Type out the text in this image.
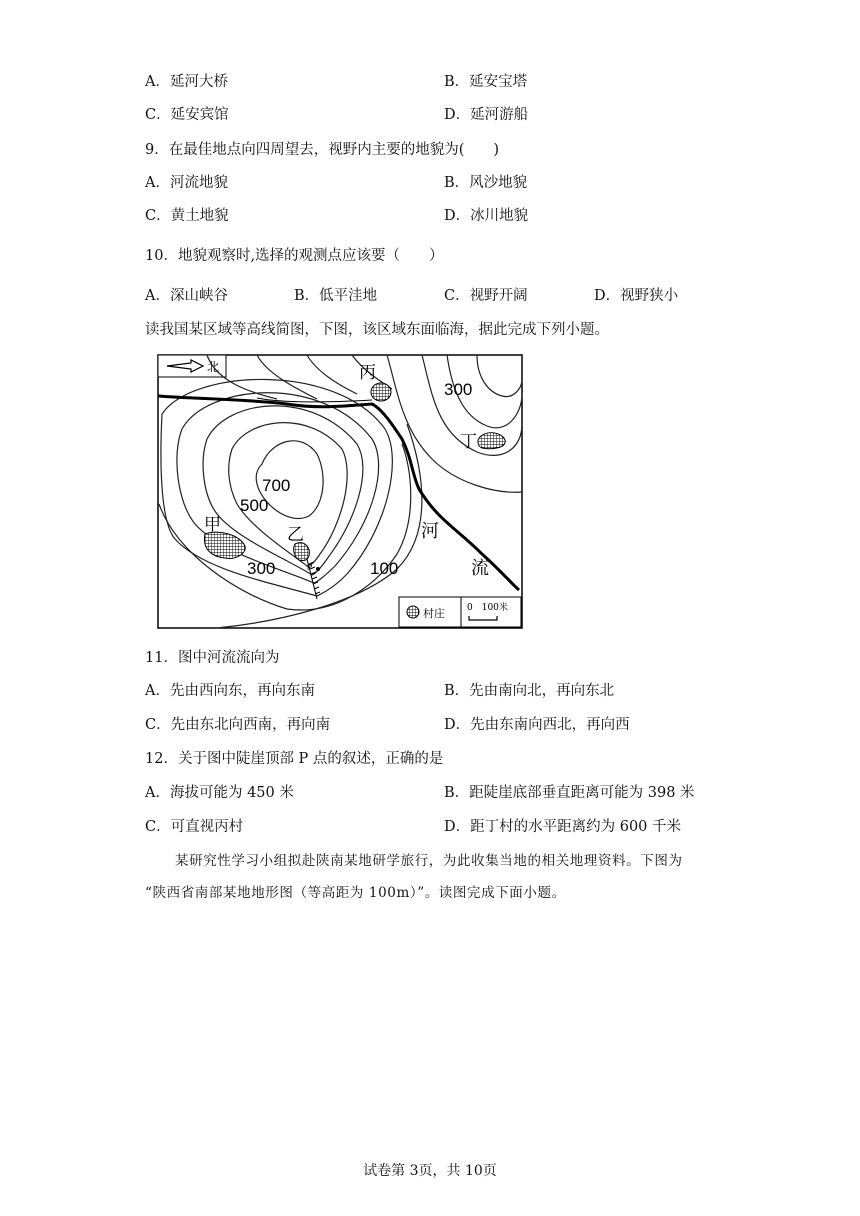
A．延河大桥	B．延安宝塔
C．延安宾馆	D．延河游船
9．在最佳地点向四周望去，视野内主要的地貌为(　　)
A．河流地貌	B．风沙地貌
C．黄土地貌	D．冰川地貌
10．地貌观察时,选择的观测点应该要（　　）
A．深山峡谷	B．低平洼地	C．视野开阔	D．视野狭小
读我国某区域等高线简图，下图，该区域东面临海，据此完成下列小题。
北	丙
丁
甲
乙
P
河
流
700
500
300	100
300
村庄 0　100米
11．图中河流流向为
A．先由西向东，再向东南	B．先由南向北，再向东北
C．先由东北向西南，再向南	D．先由东南向西北，再向西
12．关于图中陡崖顶部 P 点的叙述，正确的是
A．海拔可能为 450 米	B．距陡崖底部垂直距离可能为 398 米
C．可直视丙村	D．距丁村的水平距离约为 600 千米
某研究性学习小组拟赴陕南某地研学旅行，为此收集当地的相关地理资料。下图为
“陕西省南部某地地形图（等高距为 100m）”。读图完成下面小题。
试卷第 3页，共 10页
